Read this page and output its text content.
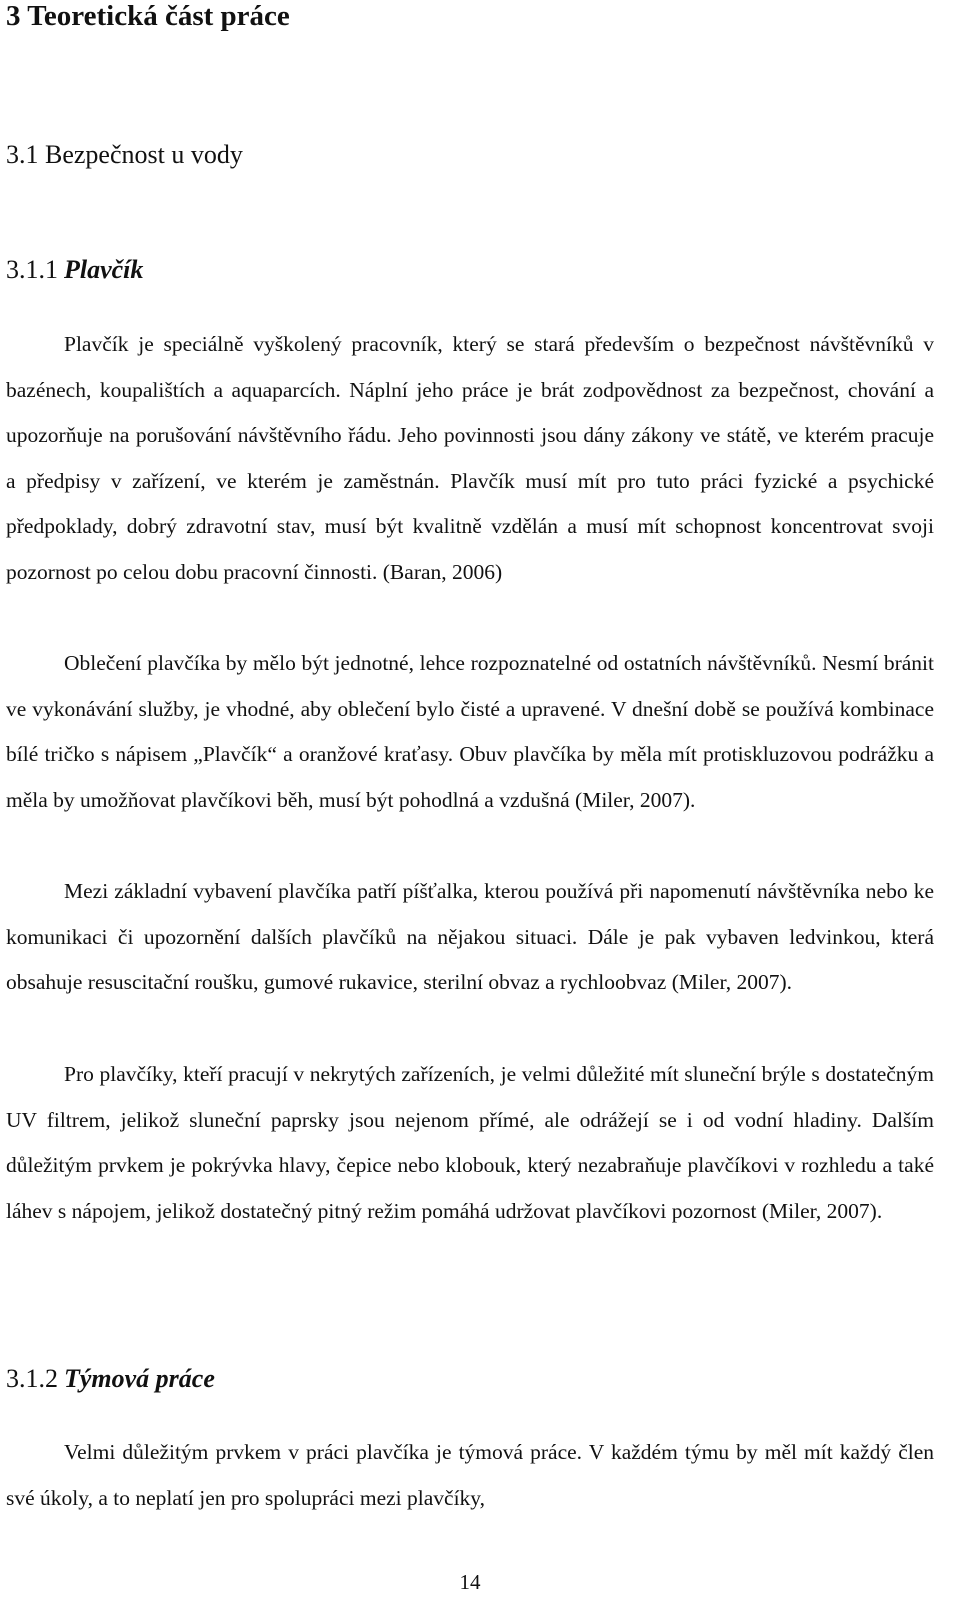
3 Teoretická část práce
3.1 Bezpečnost u vody
3.1.1 Plavčík

Plavčík je speciálně vyškolený pracovník, který se stará především o bezpečnost návštěvníků v bazénech, koupalištích a aquaparcích. Náplní jeho práce je brát zodpovědnost za bezpečnost, chování a upozorňuje na porušování návštěvního řádu. Jeho povinnosti jsou dány zákony ve státě, ve kterém pracuje a předpisy v zařízení, ve kterém je zaměstnán. Plavčík musí mít pro tuto práci fyzické a psychické předpoklady, dobrý zdravotní stav, musí být kvalitně vzdělán a musí mít schopnost koncentrovat svoji pozornost po celou dobu pracovní činnosti. (Baran, 2006)

Oblečení plavčíka by mělo být jednotné, lehce rozpoznatelné od ostatních návštěvníků. Nesmí bránit ve vykonávání služby, je vhodné, aby oblečení bylo čisté a upravené. V dnešní době se používá kombinace bílé tričko s nápisem „Plavčík“ a oranžové kraťasy. Obuv plavčíka by měla mít protiskluzovou podrážku a měla by umožňovat plavčíkovi běh, musí být pohodlná a vzdušná (Miler, 2007).

Mezi základní vybavení plavčíka patří píšťalka, kterou používá při napomenutí návštěvníka nebo ke komunikaci či upozornění dalších plavčíků na nějakou situaci. Dále je pak vybaven ledvinkou, která obsahuje resuscitační roušku, gumové rukavice, sterilní obvaz a rychloobvaz (Miler, 2007).

Pro plavčíky, kteří pracují v nekrytých zařízeních, je velmi důležité mít sluneční brýle s dostatečným UV filtrem, jelikož sluneční paprsky jsou nejenom přímé, ale odrážejí se i od vodní hladiny. Dalším důležitým prvkem je pokrývka hlavy, čepice nebo klobouk, který nezabraňuje plavčíkovi v rozhledu a také láhev s nápojem, jelikož dostatečný pitný režim pomáhá udržovat plavčíkovi pozornost (Miler, 2007).

3.1.2 Týmová práce

Velmi důležitým prvkem v práci plavčíka je týmová práce. V každém týmu by měl mít každý člen své úkoly, a to neplatí jen pro spolupráci mezi plavčíky,

14
